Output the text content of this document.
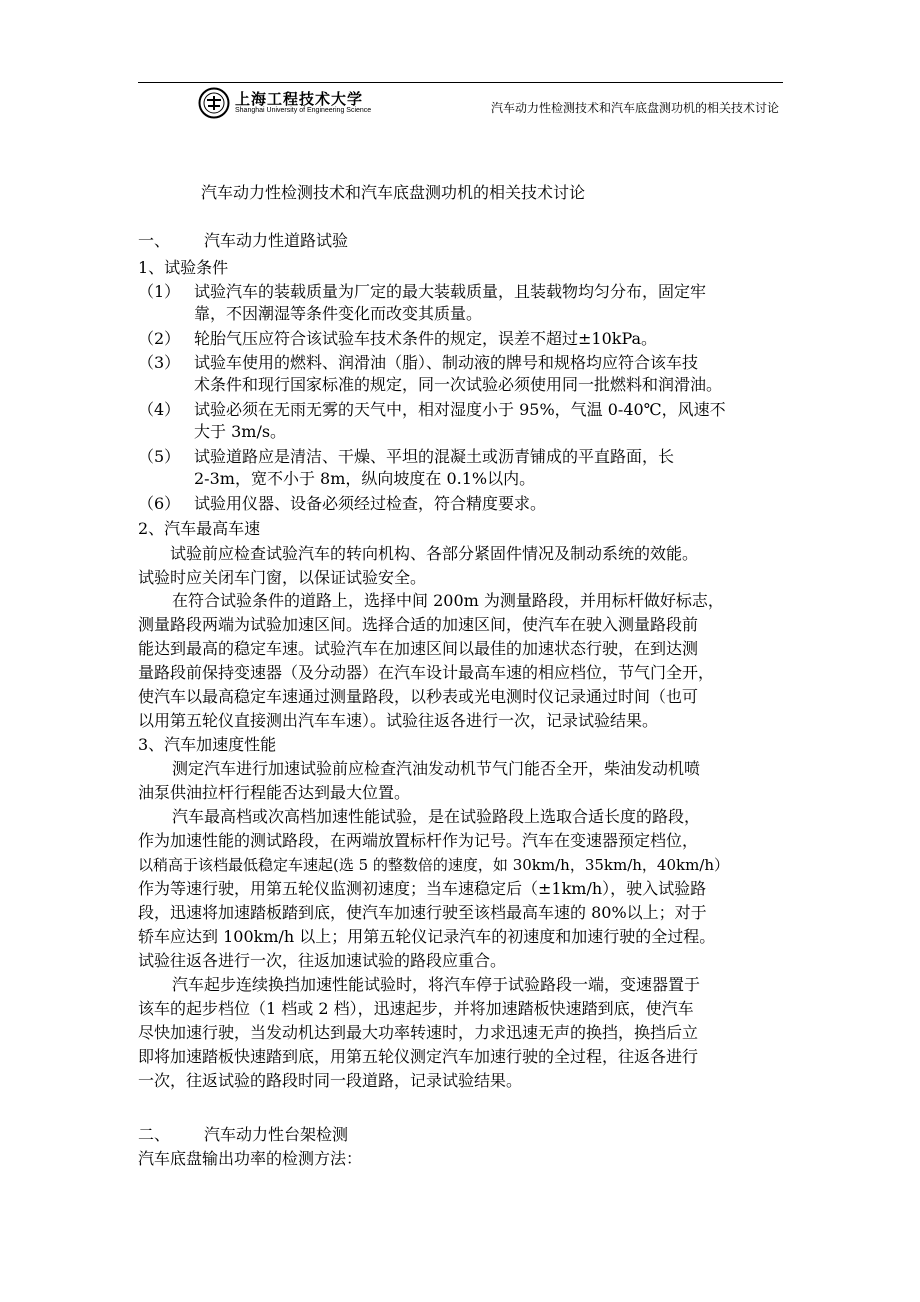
上海工程技术大学
Shanghai University of Engineering Science	汽车动力性检测技术和汽车底盘测功机的相关技术讨论
汽车动力性检测技术和汽车底盘测功机的相关技术讨论
一、 汽车动力性道路试验
1、试验条件
（1） 试验汽车的装载质量为厂定的最大装载质量，且装载物均匀分布，固定牢
靠，不因潮湿等条件变化而改变其质量。
（2） 轮胎气压应符合该试验车技术条件的规定，误差不超过±10kPa。
（3） 试验车使用的燃料、润滑油（脂）、制动液的牌号和规格均应符合该车技
术条件和现行国家标准的规定，同一次试验必须使用同一批燃料和润滑油。
（4） 试验必须在无雨无雾的天气中，相对湿度小于 95%，气温 0-40℃，风速不
大于 3m/s。
（5） 试验道路应是清洁、干燥、平坦的混凝土或沥青铺成的平直路面，长
2-3m，宽不小于 8m，纵向坡度在 0.1%以内。
（6） 试验用仪器、设备必须经过检查，符合精度要求。
2、汽车最高车速
试验前应检查试验汽车的转向机构、各部分紧固件情况及制动系统的效能。
试验时应关闭车门窗，以保证试验安全。
在符合试验条件的道路上，选择中间 200m 为测量路段，并用标杆做好标志，
测量路段两端为试验加速区间。选择合适的加速区间，使汽车在驶入测量路段前
能达到最高的稳定车速。试验汽车在加速区间以最佳的加速状态行驶，在到达测
量路段前保持变速器（及分动器）在汽车设计最高车速的相应档位，节气门全开，
使汽车以最高稳定车速通过测量路段，以秒表或光电测时仪记录通过时间（也可
以用第五轮仪直接测出汽车车速）。试验往返各进行一次，记录试验结果。
3、汽车加速度性能
测定汽车进行加速试验前应检查汽油发动机节气门能否全开，柴油发动机喷
油泵供油拉杆行程能否达到最大位置。
汽车最高档或次高档加速性能试验，是在试验路段上选取合适长度的路段，
作为加速性能的测试路段，在两端放置标杆作为记号。汽车在变速器预定档位，
以稍高于该档最低稳定车速起(选 5 的整数倍的速度，如 30km/h，35km/h，40km/h）
作为等速行驶，用第五轮仪监测初速度；当车速稳定后（±1km/h），驶入试验路
段，迅速将加速踏板踏到底，使汽车加速行驶至该档最高车速的 80%以上；对于
轿车应达到 100km/h 以上；用第五轮仪记录汽车的初速度和加速行驶的全过程。
试验往返各进行一次，往返加速试验的路段应重合。
汽车起步连续换挡加速性能试验时，将汽车停于试验路段一端，变速器置于
该车的起步档位（1 档或 2 档），迅速起步，并将加速踏板快速踏到底，使汽车
尽快加速行驶，当发动机达到最大功率转速时，力求迅速无声的换挡，换挡后立
即将加速踏板快速踏到底，用第五轮仪测定汽车加速行驶的全过程，往返各进行
一次，往返试验的路段时同一段道路，记录试验结果。
二、 汽车动力性台架检测
汽车底盘输出功率的检测方法：
